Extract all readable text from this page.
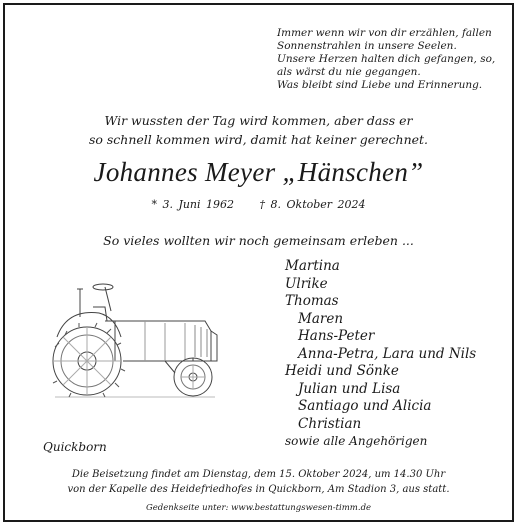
Immer wenn wir von dir erzählen, fallen
Sonnenstrahlen in unsere Seelen.
Unsere Herzen halten dich gefangen, so,
als wärst du nie gegangen.
Was bleibt sind Liebe und Erinnerung.
Wir wussten der Tag wird kommen, aber dass er
so schnell kommen wird, damit hat keiner gerechnet.
Johannes Meyer „Hänschen”
* 3. Juni 1962 † 8. Oktober 2024
So vieles wollten wir noch gemeinsam erleben ...
Martina
Ulrike
Thomas
Maren
Hans-Peter
Anna-Petra, Lara und Nils
Heidi und Sönke
Julian und Lisa
Santiago und Alicia
Christian
sowie alle Angehörigen
Quickborn
Die Beisetzung findet am Dienstag, dem 15. Oktober 2024, um 14.30 Uhr
von der Kapelle des Heidefriedhofes in Quickborn, Am Stadion 3, aus statt.
Gedenkseite unter: www.bestattungswesen-timm.de
